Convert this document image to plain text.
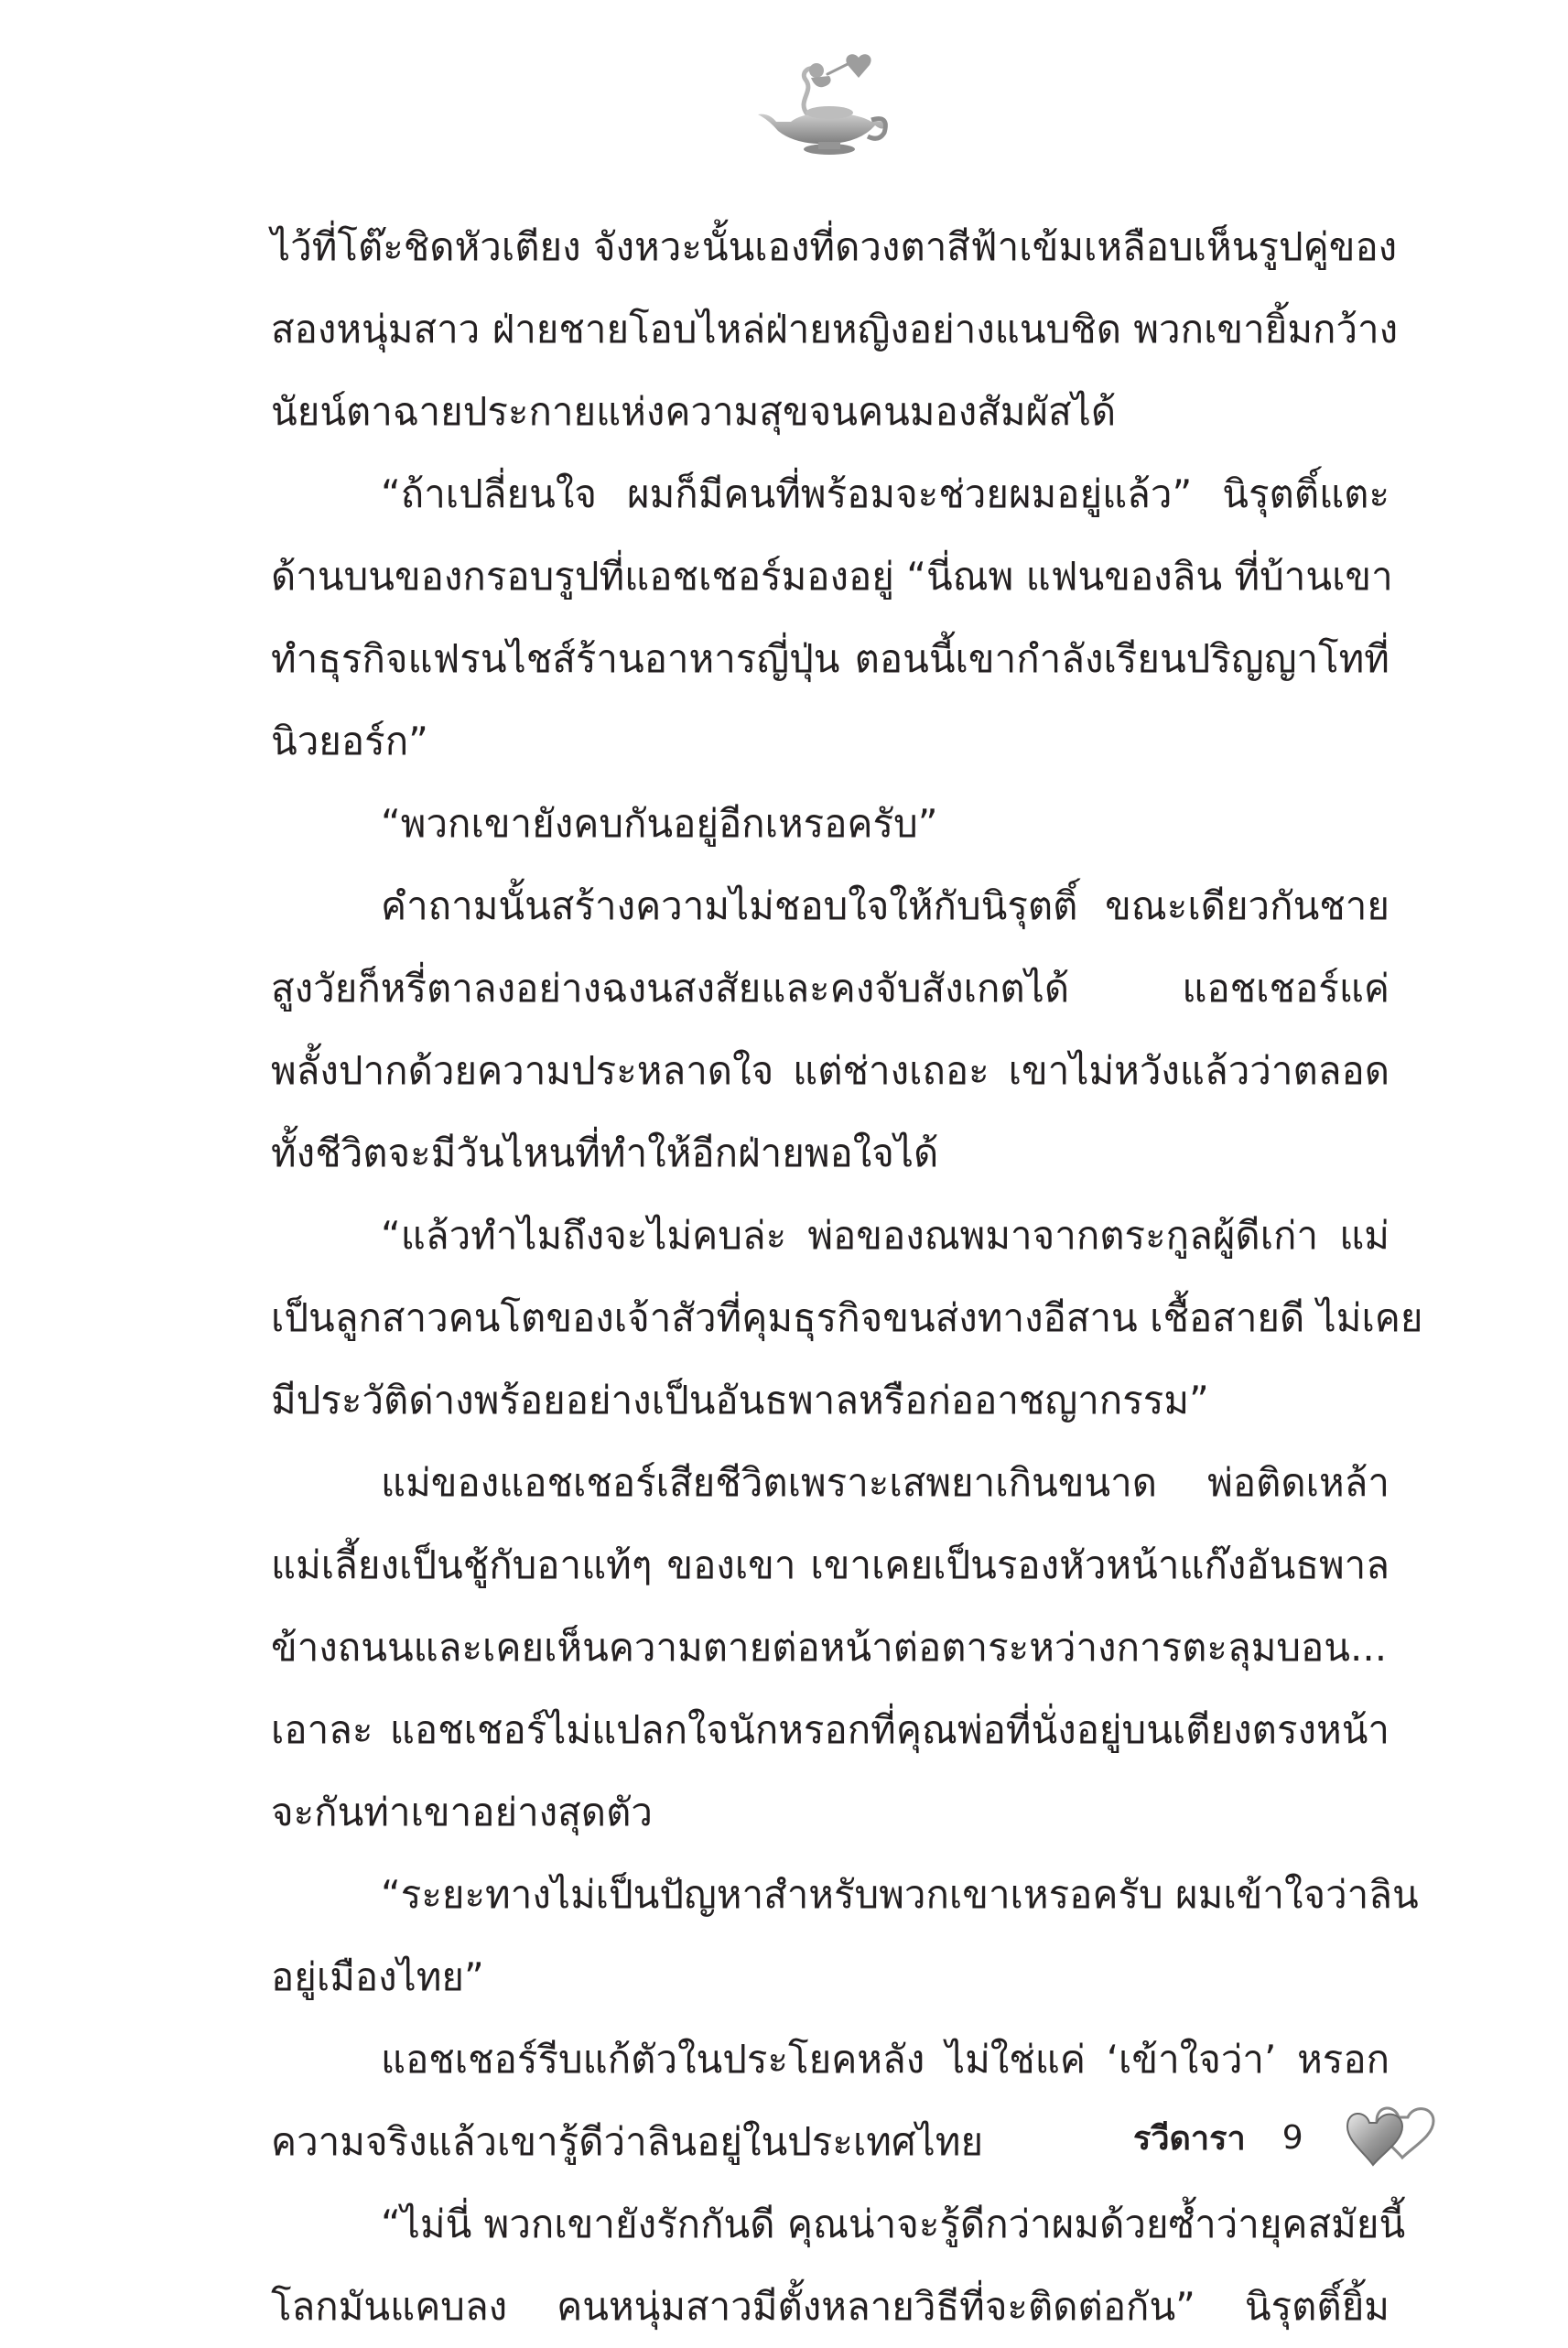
ไว้ที่โต๊ะชิดหัวเตียง จังหวะนั้นเองที่ดวงตาสีฟ้าเข้มเหลือบเห็นรูปคู่ของ
สองหนุ่มสาว ฝ่ายชายโอบไหล่ฝ่ายหญิงอย่างแนบชิด พวกเขายิ้มกว้าง
นัยน์ตาฉายประกายแห่งความสุขจนคนมองสัมผัสได้
“ถ้าเปลี่ยนใจ ผมก็มีคนที่พร้อมจะช่วยผมอยู่แล้ว” นิรุตติ์แตะ
ด้านบนของกรอบรูปที่แอชเชอร์มองอยู่ “นี่ณพ แฟนของลิน ที่บ้านเขา
ทำธุรกิจแฟรนไชส์ร้านอาหารญี่ปุ่น ตอนนี้เขากำลังเรียนปริญญาโทที่
นิวยอร์ก”
“พวกเขายังคบกันอยู่อีกเหรอครับ”
คำถามนั้นสร้างความไม่ชอบใจให้กับนิรุตติ์ ขณะเดียวกันชาย
สูงวัยก็หรี่ตาลงอย่างฉงนสงสัยและคงจับสังเกตได้ แอชเชอร์แค่
พลั้งปากด้วยความประหลาดใจ แต่ช่างเถอะ เขาไม่หวังแล้วว่าตลอด
ทั้งชีวิตจะมีวันไหนที่ทำให้อีกฝ่ายพอใจได้
“แล้วทำไมถึงจะไม่คบล่ะ พ่อของณพมาจากตระกูลผู้ดีเก่า แม่
เป็นลูกสาวคนโตของเจ้าสัวที่คุมธุรกิจขนส่งทางอีสาน เชื้อสายดี ไม่เคย
มีประวัติด่างพร้อยอย่างเป็นอันธพาลหรือก่ออาชญากรรม”
แม่ของแอชเชอร์เสียชีวิตเพราะเสพยาเกินขนาด พ่อติดเหล้า
แม่เลี้ยงเป็นชู้กับอาแท้ๆ ของเขา เขาเคยเป็นรองหัวหน้าแก๊งอันธพาล
ข้างถนนและเคยเห็นความตายต่อหน้าต่อตาระหว่างการตะลุมบอน...
เอาละ แอชเชอร์ไม่แปลกใจนักหรอกที่คุณพ่อที่นั่งอยู่บนเตียงตรงหน้า
จะกันท่าเขาอย่างสุดตัว
“ระยะทางไม่เป็นปัญหาสำหรับพวกเขาเหรอครับ ผมเข้าใจว่าลิน
อยู่เมืองไทย”
แอชเชอร์รีบแก้ตัวในประโยคหลัง ไม่ใช่แค่ ‘เข้าใจว่า’ หรอก
ความจริงแล้วเขารู้ดีว่าลินอยู่ในประเทศไทย
“ไม่นี่ พวกเขายังรักกันดี คุณน่าจะรู้ดีกว่าผมด้วยซ้ำว่ายุคสมัยนี้
โลกมันแคบลง คนหนุ่มสาวมีตั้งหลายวิธีที่จะติดต่อกัน” นิรุตติ์ยิ้ม
รวีดารา 9
